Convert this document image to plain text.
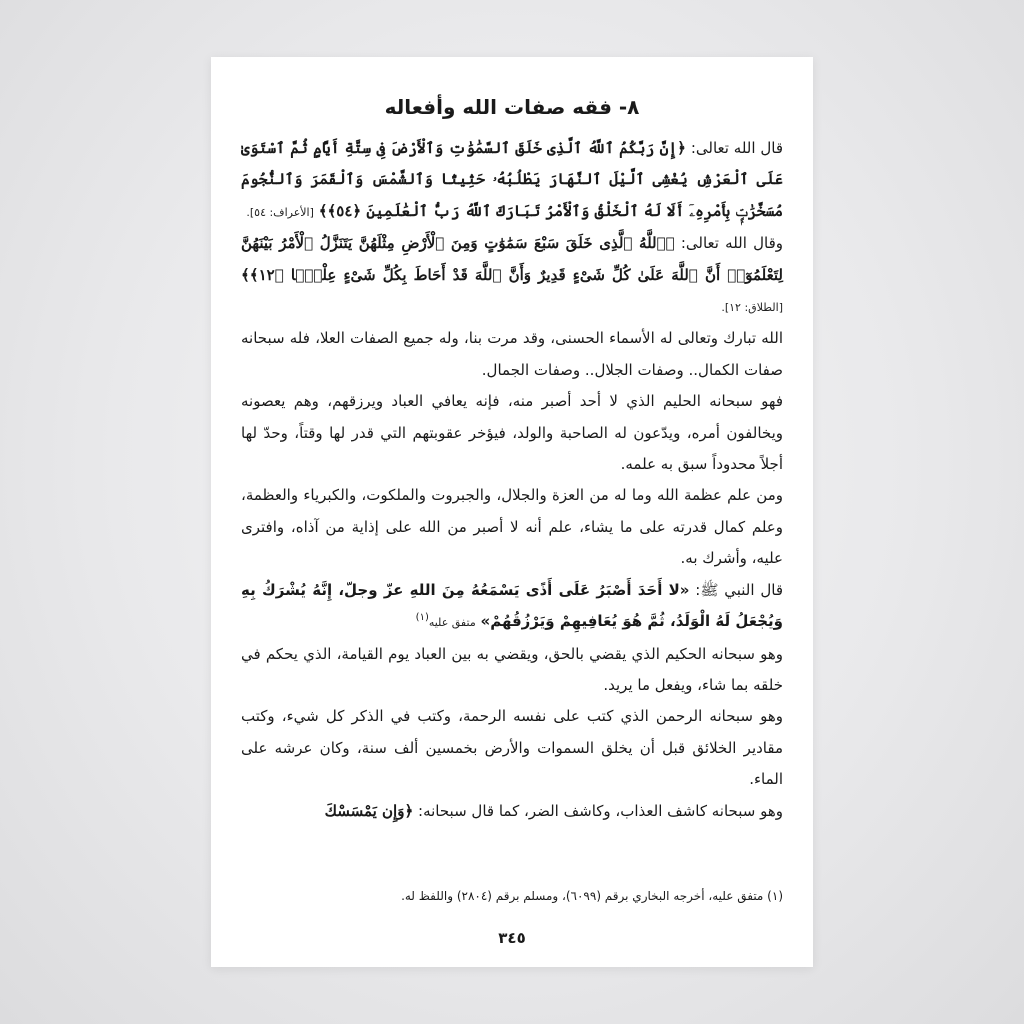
٨- فقه صفات الله وأفعاله

قال الله تعالى: ﴿إِنَّ رَبَّكُمُ ٱللَّهُ ٱلَّذِى خَلَقَ ٱلسَّمَٰوَٰتِ وَٱلْأَرْضَ فِى سِتَّةِ أَيَّامٍ ثُمَّ ٱسْتَوَىٰ عَلَى ٱلْعَرْشِ يُغْشِى ٱلَّيْلَ ٱلنَّهَارَ يَطْلُبُهُۥ حَثِيثًا وَٱلشَّمْسَ وَٱلْقَمَرَ وَٱلنُّجُومَ مُسَخَّرَٰتٍۭ بِأَمْرِهِۦٓ أَلَا لَهُ ٱلْخَلْقُ وَٱلْأَمْرُ تَبَارَكَ ٱللَّهُ رَبُّ ٱلْعَٰلَمِينَ ﴿٥٤﴾﴾ [الأعراف: ٥٤].

وقال الله تعالى: ﴿ٱللَّهُ ٱلَّذِى خَلَقَ سَبْعَ سَمَٰوَٰتٍ وَمِنَ ٱلْأَرْضِ مِثْلَهُنَّ يَتَنَزَّلُ ٱلْأَمْرُ بَيْنَهُنَّ لِتَعْلَمُوٓا۟ أَنَّ ٱللَّهَ عَلَىٰ كُلِّ شَىْءٍ قَدِيرٌ وَأَنَّ ٱللَّهَ قَدْ أَحَاطَ بِكُلِّ شَىْءٍ عِلْمًۢا ﴿١٢﴾﴾ [الطلاق: ١٢].

الله تبارك وتعالى له الأسماء الحسنى، وقد مرت بنا، وله جميع الصفات العلا، فله سبحانه صفات الكمال.. وصفات الجلال.. وصفات الجمال.

فهو سبحانه الحليم الذي لا أحد أصبر منه، فإنه يعافي العباد ويرزقهم، وهم يعصونه ويخالفون أمره، ويدّعون له الصاحبة والولد، فيؤخر عقوبتهم التي قدر لها وقتاً، وحدّ لها أجلاً محدوداً سبق به علمه.

ومن علم عظمة الله وما له من العزة والجلال، والجبروت والملكوت، والكبرياء والعظمة، وعلم كمال قدرته على ما يشاء، علم أنه لا أصبر من الله على إذاية من آذاه، وافترى عليه، وأشرك به.

قال النبي ﷺ: «لا أَحَدَ أَصْبَرُ عَلَى أَذًى يَسْمَعُهُ مِنَ اللهِ عزّ وجلّ، إِنَّهُ يُشْرَكُ بِهِ وَيُجْعَلُ لَهُ الْوَلَدُ، ثُمَّ هُوَ يُعَافِيهِمْ وَيَرْزُقُهُمْ» متفق عليه$^{(١)}$

وهو سبحانه الحكيم الذي يقضي بالحق، ويقضي به بين العباد يوم القيامة، الذي يحكم في خلقه بما شاء، ويفعل ما يريد.

وهو سبحانه الرحمن الذي كتب على نفسه الرحمة، وكتب في الذكر كل شيء، وكتب مقادير الخلائق قبل أن يخلق السموات والأرض بخمسين ألف سنة، وكان عرشه على الماء.

وهو سبحانه كاشف العذاب، وكاشف الضر، كما قال سبحانه: ﴿وَإِن يَمْسَسْكَ

(١) متفق عليه، أخرجه البخاري برقم (٦٠٩٩)، ومسلم برقم (٢٨٠٤) واللفظ له.

٣٤٥
